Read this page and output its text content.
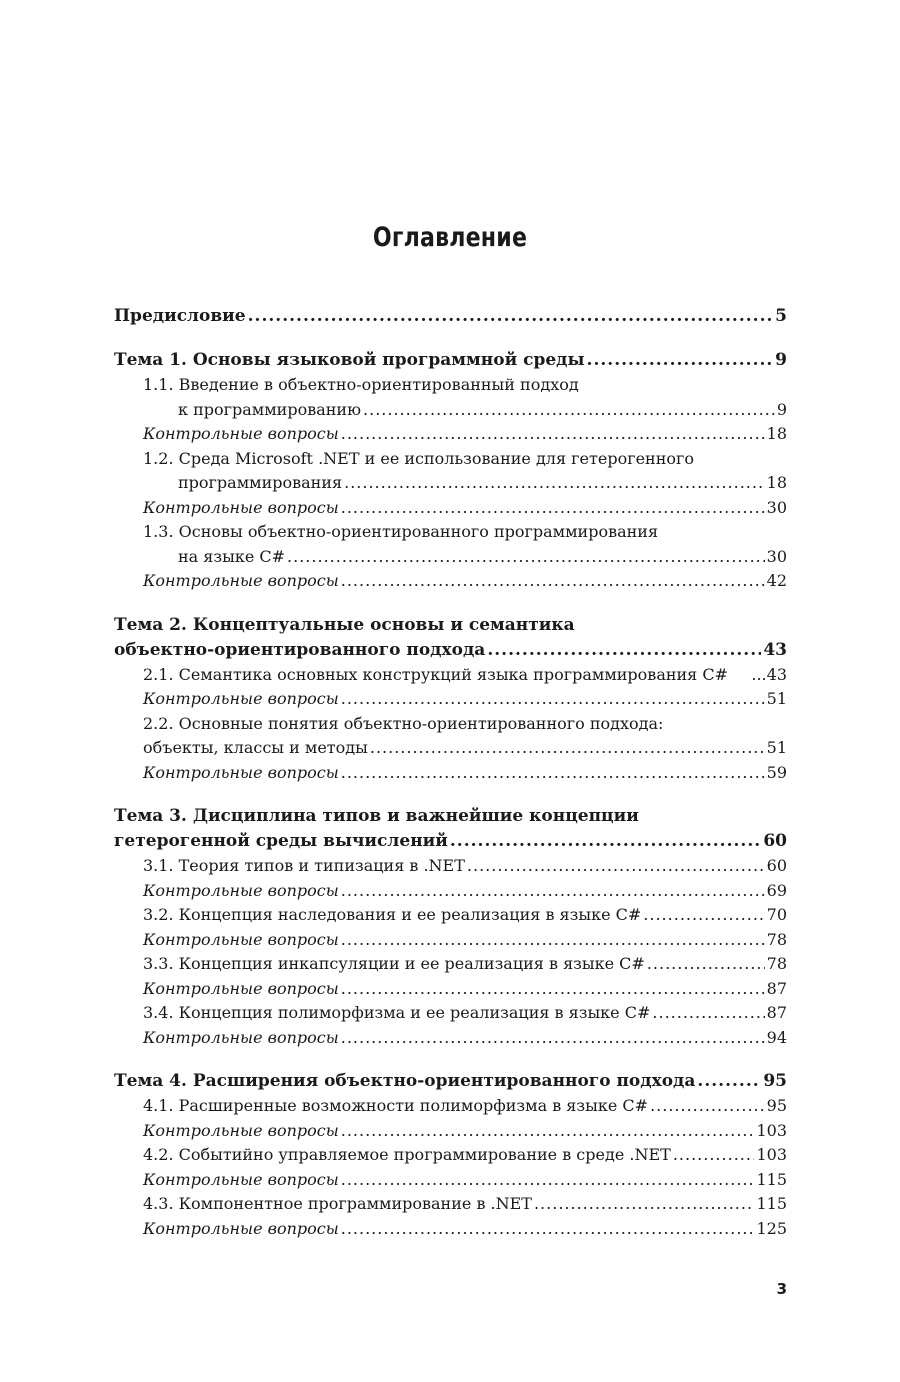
Оглавление
Предисловие .....	5
Тема 1. Основы языковой программной среды .....	9
1.1. Введение в объектно-ориентированный подход
к программированию .....	9
Контрольные вопросы .....	18
1.2. Среда Microsoft .NET и ее использование для гетерогенного
программирования .....	18
Контрольные вопросы .....	30
1.3. Основы объектно-ориентированного программирования
на языке C# .....	30
Контрольные вопросы .....	42
Тема 2. Концептуальные основы и семантика
объектно-ориентированного подхода .....	43
2.1. Семантика основных конструкций языка программирования C# ...43
Контрольные вопросы .....	51
2.2. Основные понятия объектно-ориентированного подхода:
объекты, классы и методы .....	51
Контрольные вопросы .....	59
Тема 3. Дисциплина типов и важнейшие концепции
гетерогенной среды вычислений .....	60
3.1. Теория типов и типизация в .NET .....	60
Контрольные вопросы .....	69
3.2. Концепция наследования и ее реализация в языке C# .....	70
Контрольные вопросы .....	78
3.3. Концепция инкапсуляции и ее реализация в языке C# .....	78
Контрольные вопросы .....	87
3.4. Концепция полиморфизма и ее реализация в языке C# .....	87
Контрольные вопросы .....	94
Тема 4. Расширения объектно-ориентированного подхода .....	95
4.1. Расширенные возможности полиморфизма в языке C# .....	95
Контрольные вопросы .....	103
4.2. Событийно управляемое программирование в среде .NET .....	103
Контрольные вопросы .....	115
4.3. Компонентное программирование в .NET .....	115
Контрольные вопросы .....	125
3
